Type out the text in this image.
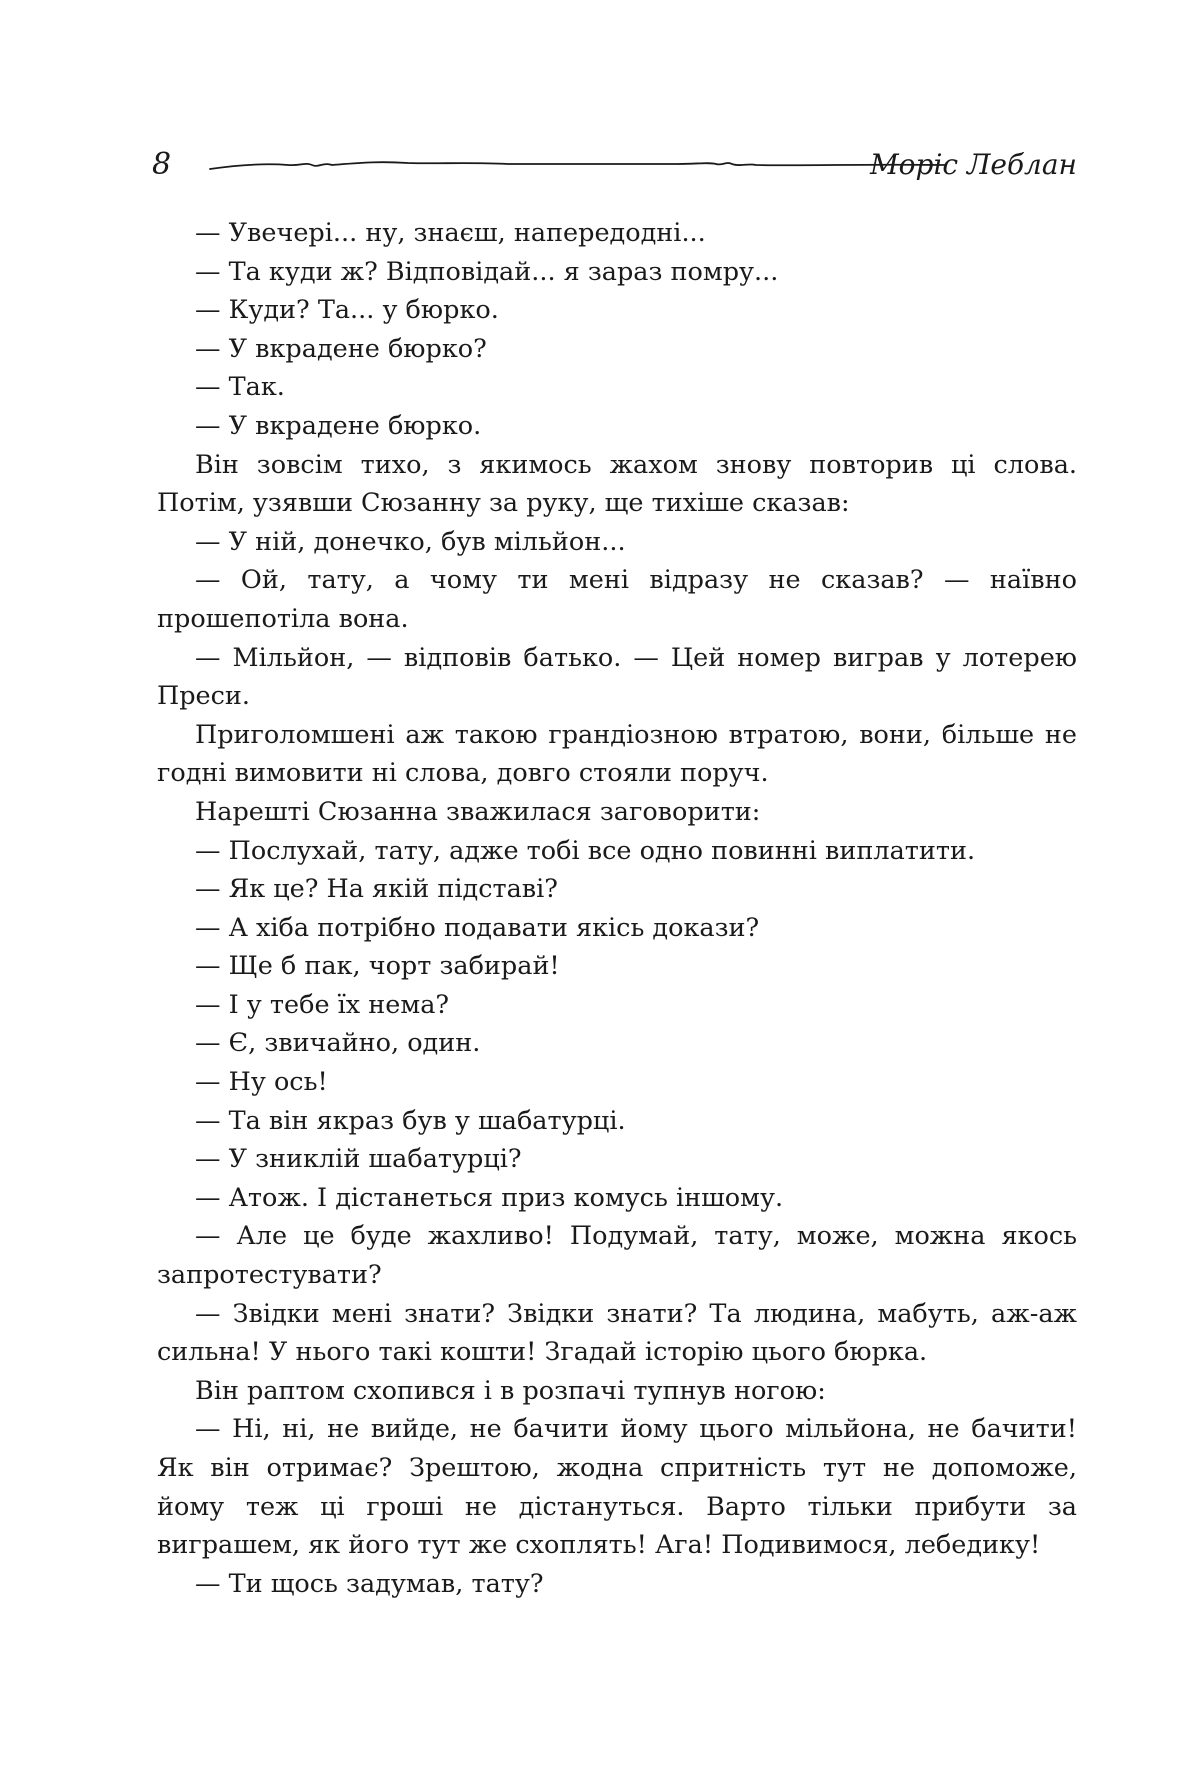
8	Моріс Леблан

— Увечері... ну, знаєш, напередодні...

— Та куди ж? Відповідай... я зараз помру...

— Куди? Та... у бюрко.

— У вкрадене бюрко?

— Так.

— У вкрадене бюрко.

Він зовсім тихо, з якимось жахом знову повторив ці слова. Потім, узявши Сюзанну за руку, ще тихіше сказав:

— У ній, донечко, був мільйон...

— Ой, тату, а чому ти мені відразу не сказав? — наївно прошепотіла вона.

— Мільйон, — відповів батько. — Цей номер виграв у лотерею Преси.

Приголомшені аж такою грандіозною втратою, вони, більше не годні вимовити ні слова, довго стояли поруч.

Нарешті Сюзанна зважилася заговорити:

— Послухай, тату, адже тобі все одно повинні виплатити.

— Як це? На якій підставі?

— А хіба потрібно подавати якісь докази?

— Ще б пак, чорт забирай!

— І у тебе їх нема?

— Є, звичайно, один.

— Ну ось!

— Та він якраз був у шабатурці.

— У зниклій шабатурці?

— Атож. І дістанеться приз комусь іншому.

— Але це буде жахливо! Подумай, тату, може, можна якось запротестувати?

— Звідки мені знати? Звідки знати? Та людина, мабуть, аж-аж сильна! У нього такі кошти! Згадай історію цього бюрка.

Він раптом схопився і в розпачі тупнув ногою:

— Ні, ні, не вийде, не бачити йому цього мільйона, не бачити! Як він отримає? Зрештою, жодна спритність тут не допоможе, йому теж ці гроші не дістануться. Варто тільки прибути за виграшем, як його тут же схоплять! Ага! Подивимося, лебедику!

— Ти щось задумав, тату?
